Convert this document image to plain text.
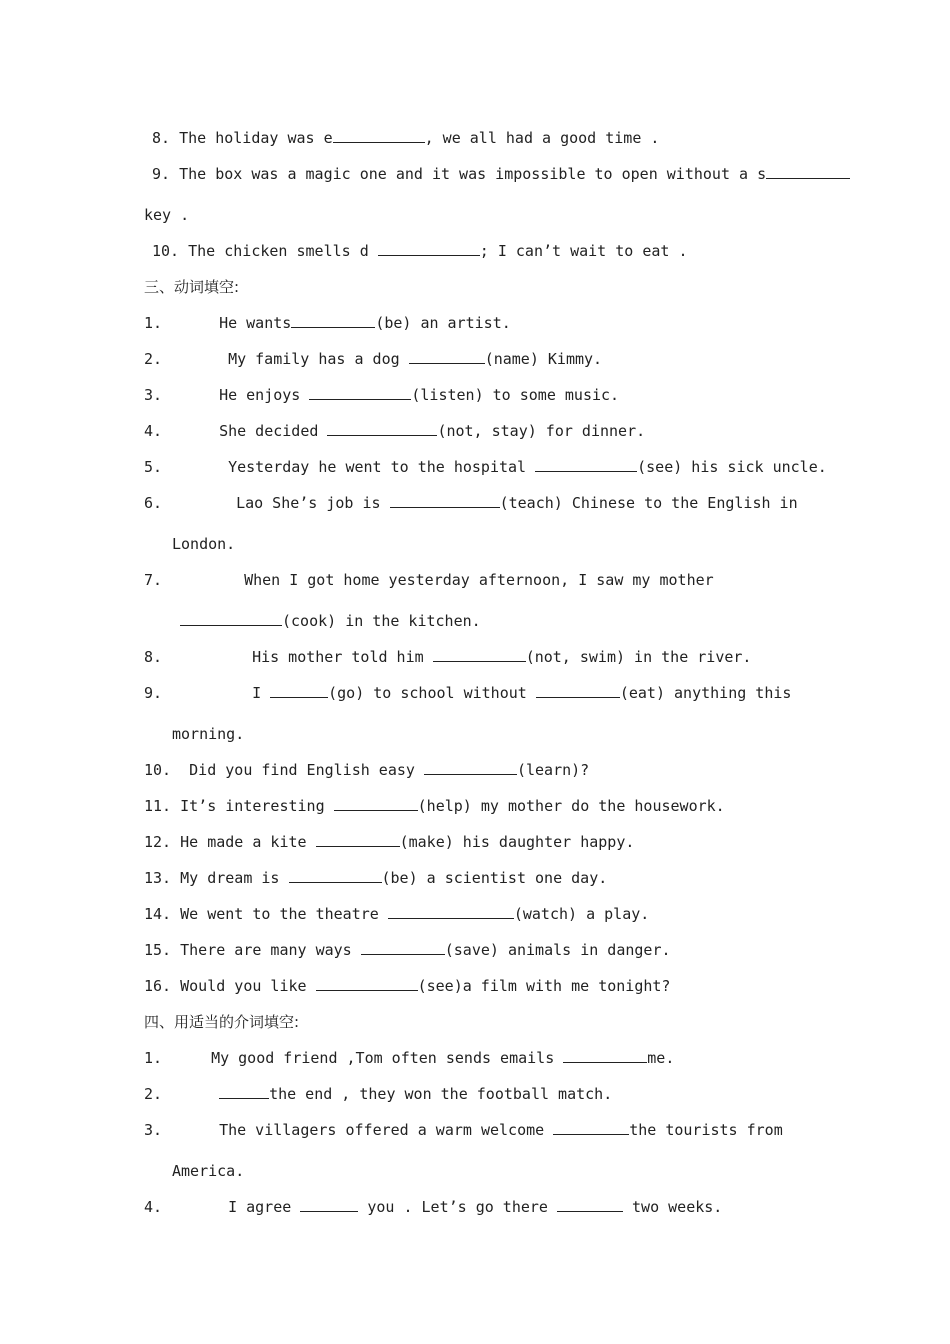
8. The holiday was e	, we all had a good time .
9. The box was a magic one and it was impossible to open without a s
key .
10. The chicken smells d	; I can’t wait to eat .
三、动词填空:
1.	He wants	(be) an artist.
2.	My family has a dog	(name) Kimmy.
3.	He enjoys	(listen) to some music.
4.	She decided	(not, stay) for dinner.
5.	Yesterday he went to the hospital	(see) his sick uncle.
6.	Lao She’s job is	(teach) Chinese to the English in
London.
7.	When I got home yesterday afternoon, I saw my mother
(cook) in the kitchen.
8.	His mother told him	(not, swim) in the river.
9.	I	(go) to school without	(eat) anything this
morning.
10. Did you find English easy	(learn)?
11. It’s interesting	(help) my mother do the housework.
12. He made a kite	(make) his daughter happy.
13. My dream is	(be) a scientist one day.
14. We went to the theatre	(watch) a play.
15. There are many ways	(save) animals in danger.
16. Would you like	(see)a film with me tonight?
四、用适当的介词填空:
1.	My good friend ,Tom often sends emails	me.
2.	the end , they won the football match.
3.	The villagers offered a warm welcome	the tourists from
America.
4.	I agree	you . Let’s go there	two weeks.
